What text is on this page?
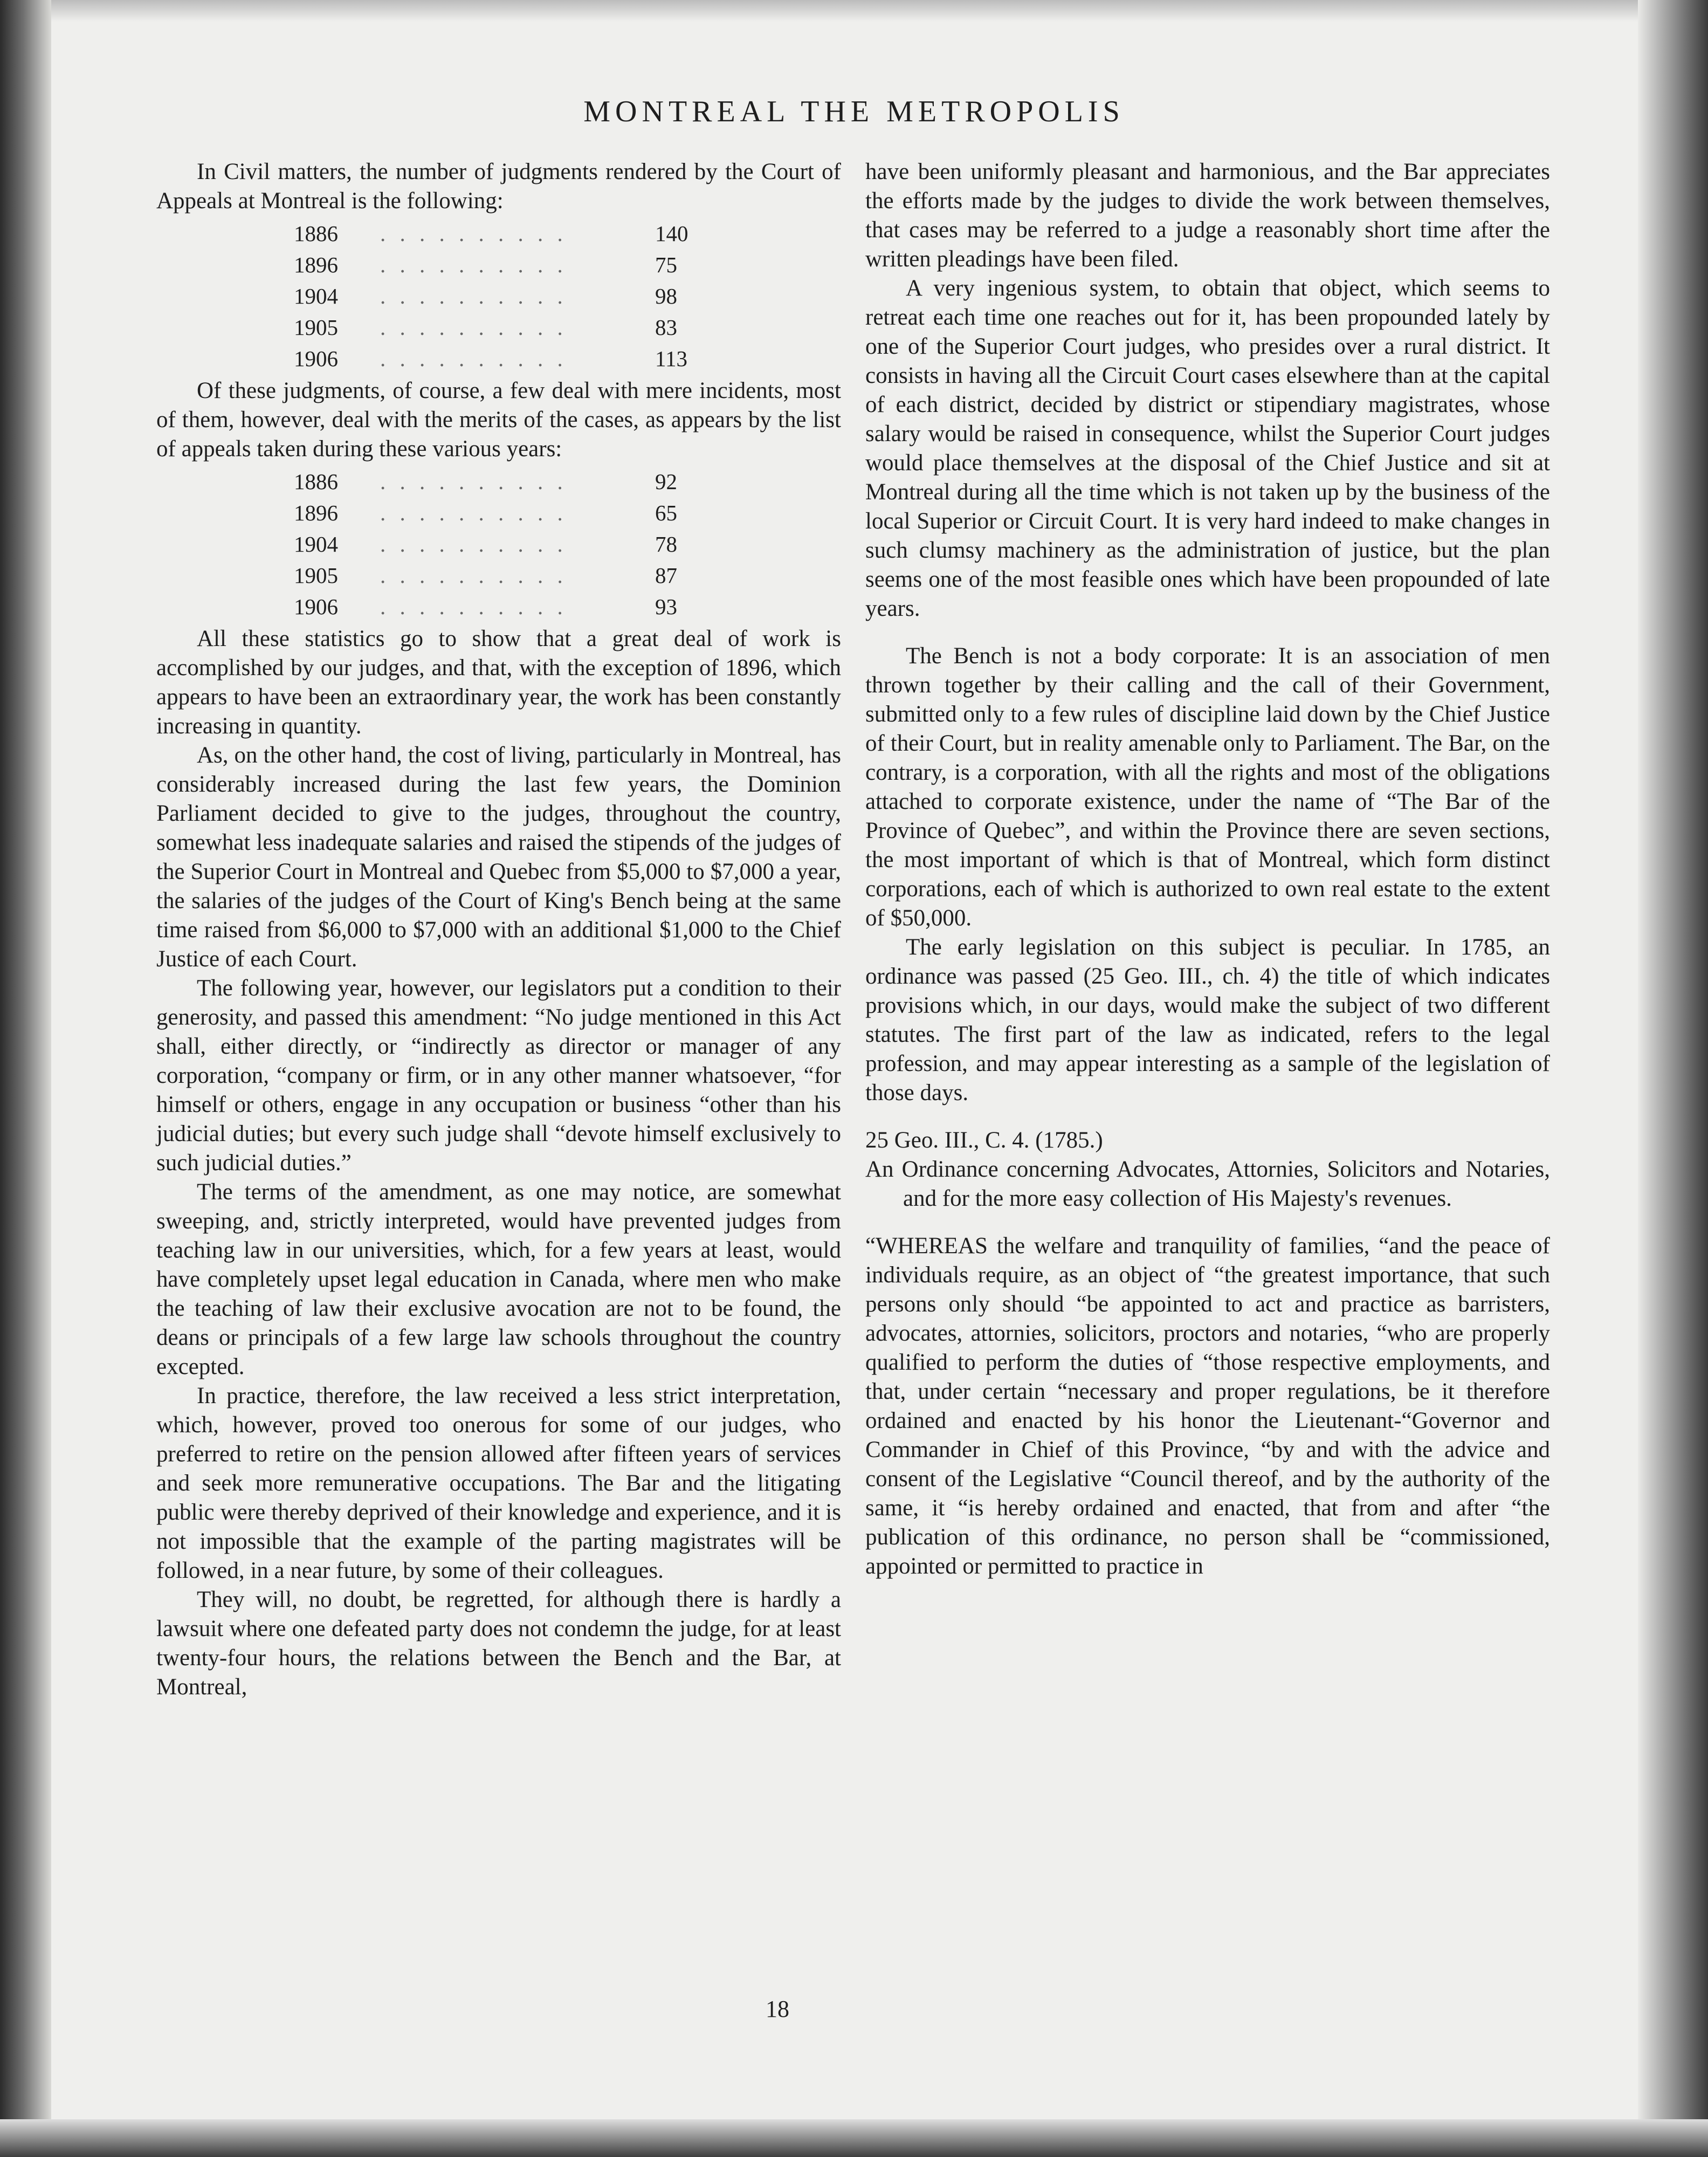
MONTREAL THE METROPOLIS

In Civil matters, the number of judgments rendered by the Court of Appeals at Montreal is the following:

1886	. . . . . . . . . .	140
1896	. . . . . . . . . .	75
1904	. . . . . . . . . .	98
1905	. . . . . . . . . .	83
1906	. . . . . . . . . .	113

Of these judgments, of course, a few deal with mere incidents, most of them, however, deal with the merits of the cases, as appears by the list of appeals taken during these various years:

1886	. . . . . . . . . .	92
1896	. . . . . . . . . .	65
1904	. . . . . . . . . .	78
1905	. . . . . . . . . .	87
1906	. . . . . . . . . .	93

All these statistics go to show that a great deal of work is accomplished by our judges, and that, with the exception of 1896, which appears to have been an extraordinary year, the work has been constantly increasing in quantity.

As, on the other hand, the cost of living, particularly in Montreal, has considerably increased during the last few years, the Dominion Parliament decided to give to the judges, throughout the country, somewhat less inadequate salaries and raised the stipends of the judges of the Superior Court in Montreal and Quebec from $5,000 to $7,000 a year, the salaries of the judges of the Court of King's Bench being at the same time raised from $6,000 to $7,000 with an additional $1,000 to the Chief Justice of each Court.

The following year, however, our legislators put a condition to their generosity, and passed this amendment: “No judge mentioned in this Act shall, either directly, or “indirectly as director or manager of any corporation, “company or firm, or in any other manner whatsoever, “for himself or others, engage in any occupation or business “other than his judicial duties; but every such judge shall “devote himself exclusively to such judicial duties.”

The terms of the amendment, as one may notice, are somewhat sweeping, and, strictly interpreted, would have prevented judges from teaching law in our universities, which, for a few years at least, would have completely upset legal education in Canada, where men who make the teaching of law their exclusive avocation are not to be found, the deans or principals of a few large law schools throughout the country excepted.

In practice, therefore, the law received a less strict interpretation, which, however, proved too onerous for some of our judges, who preferred to retire on the pension allowed after fifteen years of services and seek more remunerative occupations. The Bar and the litigating public were thereby deprived of their knowledge and experience, and it is not impossible that the example of the parting magistrates will be followed, in a near future, by some of their colleagues.

They will, no doubt, be regretted, for although there is hardly a lawsuit where one defeated party does not condemn the judge, for at least twenty-four hours, the relations between the Bench and the Bar, at Montreal,

have been uniformly pleasant and harmonious, and the Bar appreciates the efforts made by the judges to divide the work between themselves, that cases may be referred to a judge a reasonably short time after the written pleadings have been filed.

A very ingenious system, to obtain that object, which seems to retreat each time one reaches out for it, has been propounded lately by one of the Superior Court judges, who presides over a rural district. It consists in having all the Circuit Court cases elsewhere than at the capital of each district, decided by district or stipendiary magistrates, whose salary would be raised in consequence, whilst the Superior Court judges would place themselves at the disposal of the Chief Justice and sit at Montreal during all the time which is not taken up by the business of the local Superior or Circuit Court. It is very hard indeed to make changes in such clumsy machinery as the administration of justice, but the plan seems one of the most feasible ones which have been propounded of late years.

The Bench is not a body corporate: It is an association of men thrown together by their calling and the call of their Government, submitted only to a few rules of discipline laid down by the Chief Justice of their Court, but in reality amenable only to Parliament. The Bar, on the contrary, is a corporation, with all the rights and most of the obligations attached to corporate existence, under the name of “The Bar of the Province of Quebec”, and within the Province there are seven sections, the most important of which is that of Montreal, which form distinct corporations, each of which is authorized to own real estate to the extent of $50,000.

The early legislation on this subject is peculiar. In 1785, an ordinance was passed (25 Geo. III., ch. 4) the title of which indicates provisions which, in our days, would make the subject of two different statutes. The first part of the law as indicated, refers to the legal profession, and may appear interesting as a sample of the legislation of those days.

25 Geo. III., C. 4. (1785.)

An Ordinance concerning Advocates, Attornies, Solicitors and Notaries, and for the more easy collection of His Majesty's revenues.

“WHEREAS the welfare and tranquility of families, “and the peace of individuals require, as an object of “the greatest importance, that such persons only should “be appointed to act and practice as barristers, advocates, attornies, solicitors, proctors and notaries, “who are properly qualified to perform the duties of “those respective employments, and that, under certain “necessary and proper regulations, be it therefore ordained and enacted by his honor the Lieutenant-“Governor and Commander in Chief of this Province, “by and with the advice and consent of the Legislative “Council thereof, and by the authority of the same, it “is hereby ordained and enacted, that from and after “the publication of this ordinance, no person shall be “commissioned, appointed or permitted to practice in

18
